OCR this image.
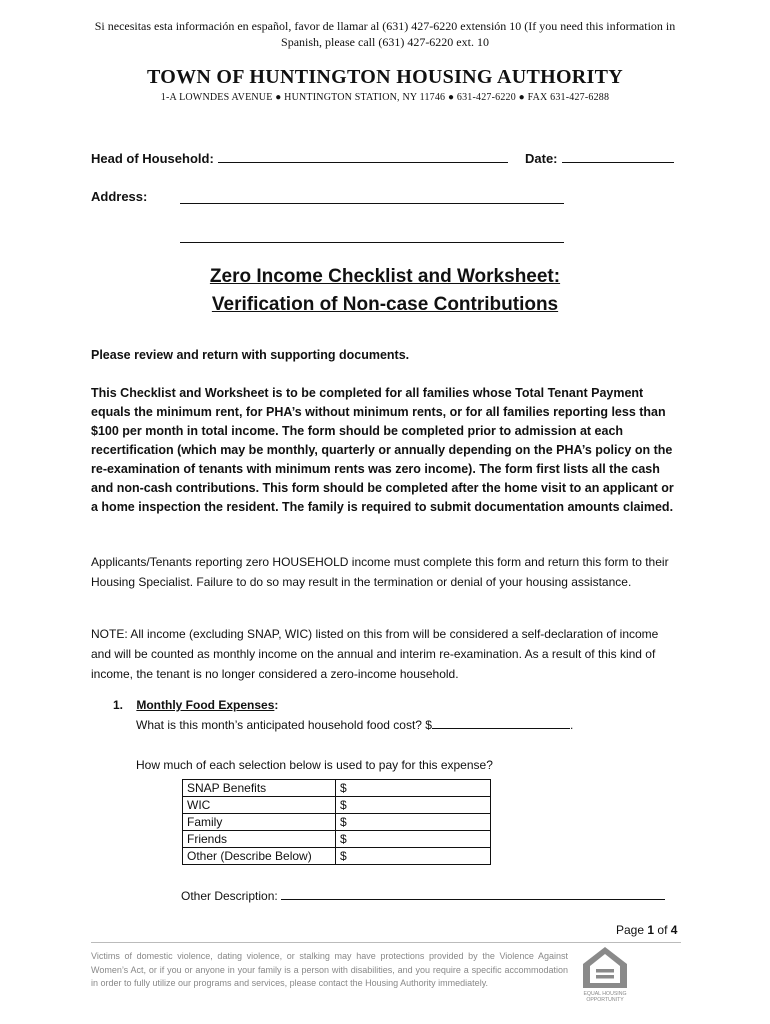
Si necesitas esta información en español, favor de llamar al (631) 427-6220 extensión 10 (If you need this information in Spanish, please call (631) 427-6220 ext. 10
TOWN OF HUNTINGTON HOUSING AUTHORITY
1-A LOWNDES AVENUE ● HUNTINGTON STATION, NY 11746 ● 631-427-6220 ● FAX 631-427-6288
Head of Household:	Date:
Address:
Zero Income Checklist and Worksheet:
Verification of Non-case Contributions
Please review and return with supporting documents.
This Checklist and Worksheet is to be completed for all families whose Total Tenant Payment equals the minimum rent, for PHA’s without minimum rents, or for all families reporting less than $100 per month in total income. The form should be completed prior to admission at each recertification (which may be monthly, quarterly or annually depending on the PHA’s policy on the re-examination of tenants with minimum rents was zero income). The form first lists all the cash and non-cash contributions. This form should be completed after the home visit to an applicant or a home inspection the resident. The family is required to submit documentation amounts claimed.
Applicants/Tenants reporting zero HOUSEHOLD income must complete this form and return this form to their Housing Specialist. Failure to do so may result in the termination or denial of your housing assistance.
NOTE: All income (excluding SNAP, WIC) listed on this from will be considered a self-declaration of income and will be counted as monthly income on the annual and interim re-examination. As a result of this kind of income, the tenant is no longer considered a zero-income household.
1. Monthly Food Expenses:
What is this month’s anticipated household food cost? $	.
How much of each selection below is used to pay for this expense?
SNAP Benefits	$
WIC	$
Family	$
Friends	$
Other (Describe Below)	$
Other Description:
Page 1 of 4
Victims of domestic violence, dating violence, or stalking may have protections provided by the Violence Against Women’s Act, or if you or anyone in your family is a person with disabilities, and you require a specific accommodation in order to fully utilize our programs and services, please contact the Housing Authority immediately.
EQUAL HOUSING
OPPORTUNITY
